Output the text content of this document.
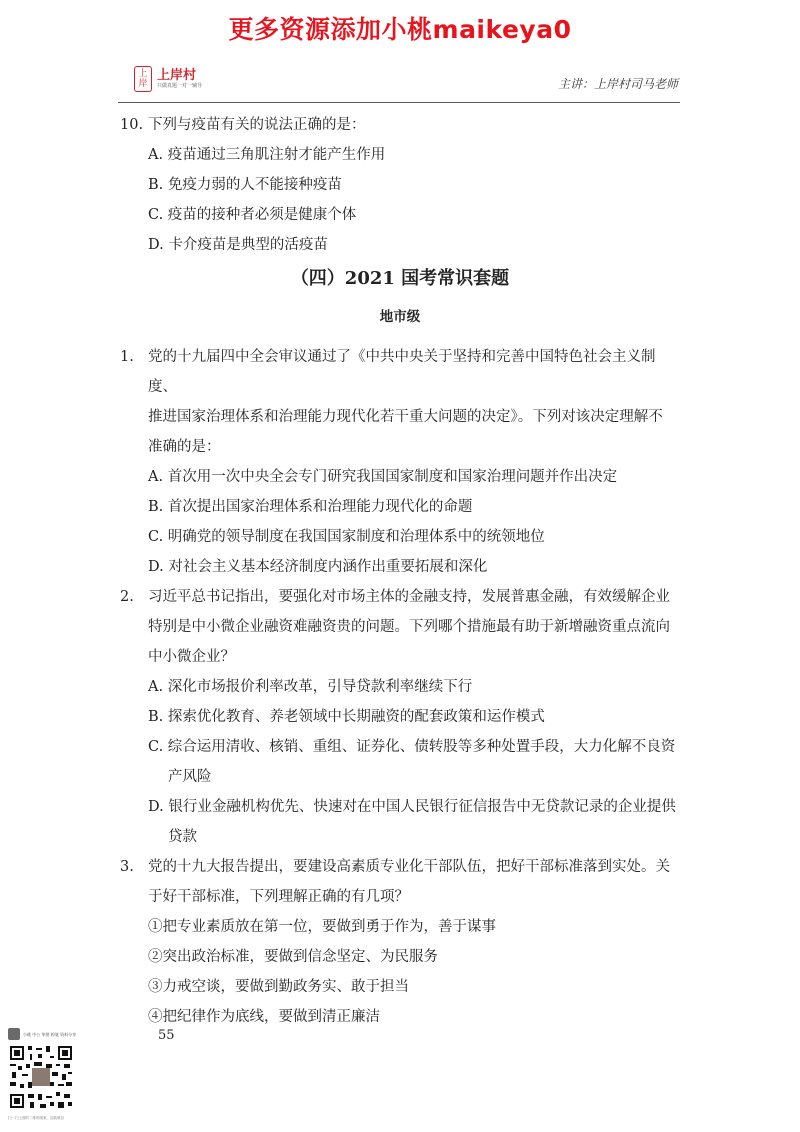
更多资源添加小桃maikeya0
上岸
上岸村
只做真题一对一辅导	主讲：上岸村司马老师
10. 下列与疫苗有关的说法正确的是：
A. 疫苗通过三角肌注射才能产生作用
B. 免疫力弱的人不能接种疫苗
C. 疫苗的接种者必须是健康个体
D. 卡介疫苗是典型的活疫苗
（四）2021 国考常识套题
地市级
1. 党的十九届四中全会审议通过了《中共中央关于坚持和完善中国特色社会主义制度、
推进国家治理体系和治理能力现代化若干重大问题的决定》。下列对该决定理解不
准确的是：
A. 首次用一次中央全会专门研究我国国家制度和国家治理问题并作出决定
B. 首次提出国家治理体系和治理能力现代化的命题
C. 明确党的领导制度在我国国家制度和治理体系中的统领地位
D. 对社会主义基本经济制度内涵作出重要拓展和深化
2. 习近平总书记指出，要强化对市场主体的金融支持，发展普惠金融，有效缓解企业
特别是中小微企业融资难融资贵的问题。下列哪个措施最有助于新增融资重点流向
中小微企业？
A. 深化市场报价利率改革，引导贷款利率继续下行
B. 探索优化教育、养老领域中长期融资的配套政策和运作模式
C. 综合运用清收、核销、重组、证券化、债转股等多种处置手段，大力化解不良资
产风险
D. 银行业金融机构优先、快速对在中国人民银行征信报告中无贷款记录的企业提供
贷款
3. 党的十九大报告提出，要建设高素质专业化干部队伍，把好干部标准落到实处。关
于好干部标准，下列理解正确的有几项？
①把专业素质放在第一位，要做到勇于作为，善于谋事
②突出政治标准，要做到信念坚定、为民服务
③力戒空谈，要做到勤政务实、敢于担当
④把纪律作为底线，要做到清正廉洁
55
小桃 中公 华图 粉笔 资料分享
扫一扫上面的二维码图案，加我微信
